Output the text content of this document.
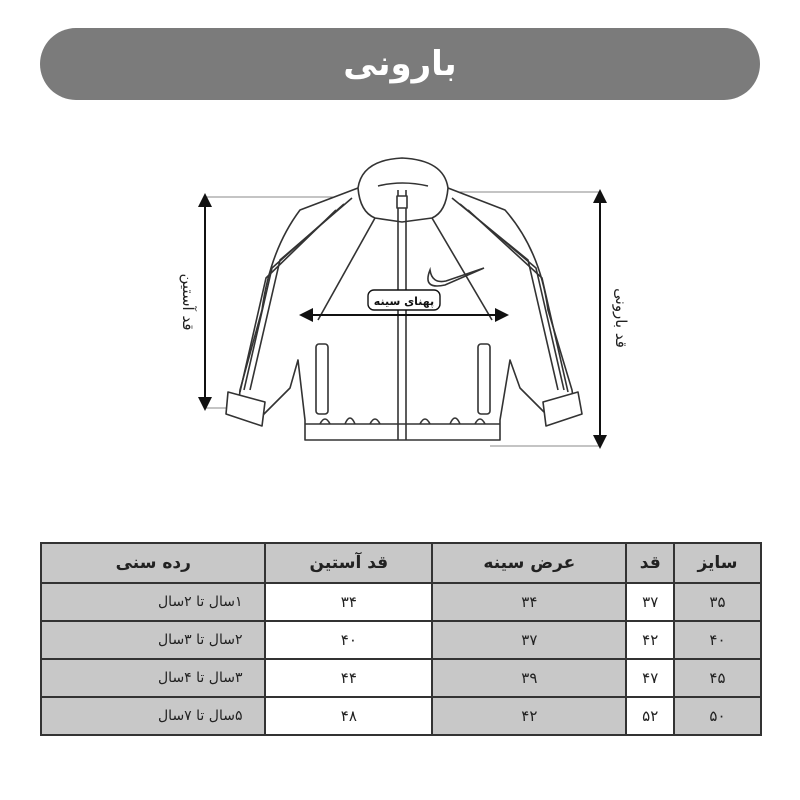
بارونی
پهنای سینه
قد آستین	قد بارونی
سایز	قد	عرض سینه	قد آستین	رده سنی
۳۵	۳۷	۳۴	۳۴	۱سال تا ۲سال
۴۰	۴۲	۳۷	۴۰	۲سال تا ۳سال
۴۵	۴۷	۳۹	۴۴	۳سال تا ۴سال
۵۰	۵۲	۴۲	۴۸	۵سال تا ۷سال
